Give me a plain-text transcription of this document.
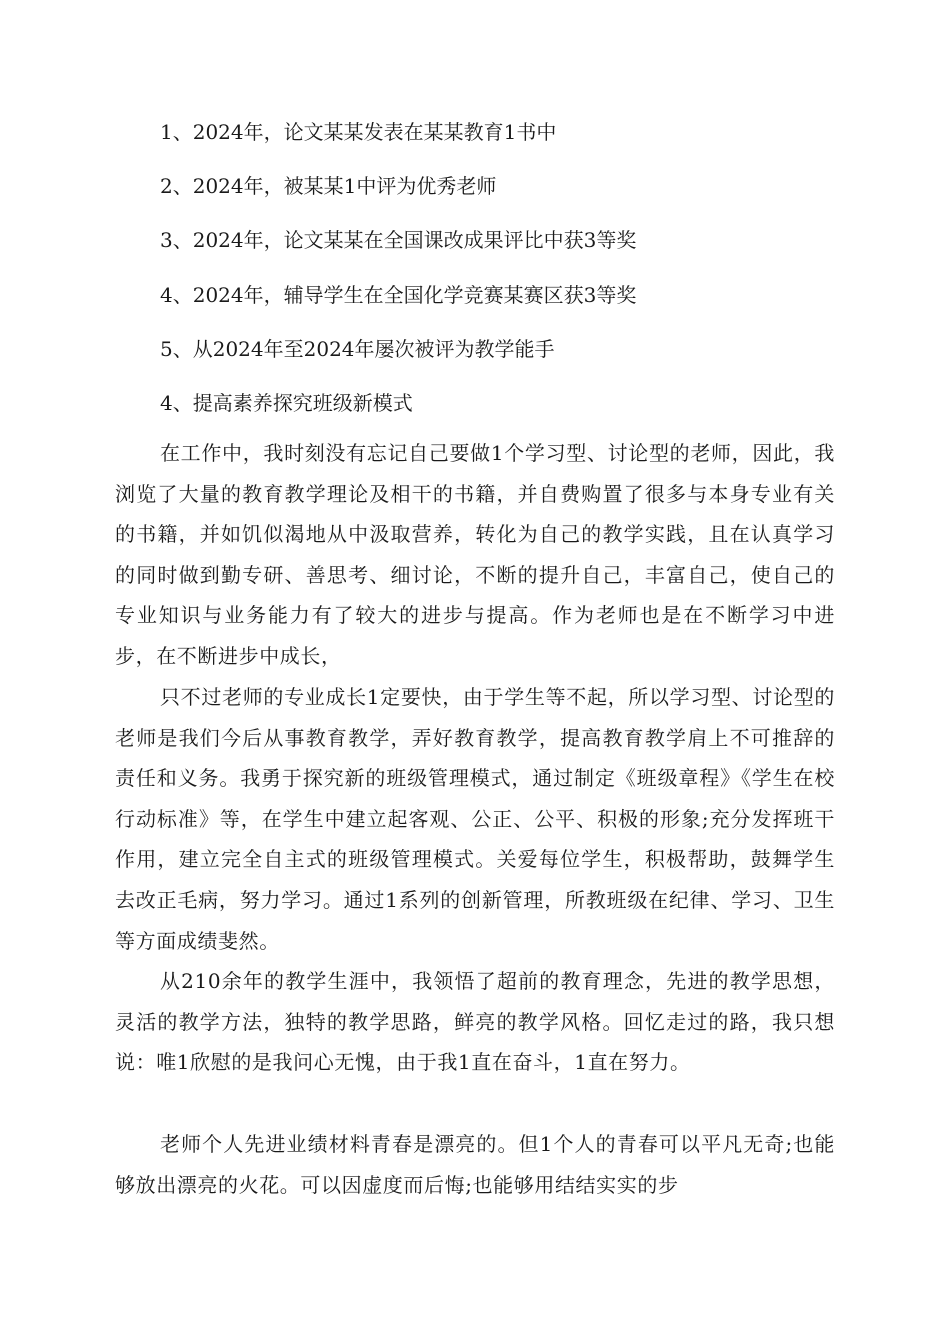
1、2024年，论文某某发表在某某教育1书中
2、2024年，被某某1中评为优秀老师
3、2024年，论文某某在全国课改成果评比中获3等奖
4、2024年，辅导学生在全国化学竞赛某赛区获3等奖
5、从2024年至2024年屡次被评为教学能手
4、提高素养探究班级新模式
在工作中，我时刻没有忘记自己要做1个学习型、讨论型的老师，因此，我浏览了大量的教育教学理论及相干的书籍，并自费购置了很多与本身专业有关的书籍，并如饥似渴地从中汲取营养，转化为自己的教学实践，且在认真学习的同时做到勤专研、善思考、细讨论，不断的提升自己，丰富自己，使自己的专业知识与业务能力有了较大的进步与提高。作为老师也是在不断学习中进步，在不断进步中成长，
只不过老师的专业成长1定要快，由于学生等不起，所以学习型、讨论型的老师是我们今后从事教育教学，弄好教育教学，提高教育教学肩上不可推辞的责任和义务。我勇于探究新的班级管理模式，通过制定《班级章程》《学生在校行动标准》等，在学生中建立起客观、公正、公平、积极的形象;充分发挥班干作用，建立完全自主式的班级管理模式。关爱每位学生，积极帮助，鼓舞学生去改正毛病，努力学习。通过1系列的创新管理，所教班级在纪律、学习、卫生等方面成绩斐然。
从210余年的教学生涯中，我领悟了超前的教育理念，先进的教学思想，灵活的教学方法，独特的教学思路，鲜亮的教学风格。回忆走过的路，我只想说：唯1欣慰的是我问心无愧，由于我1直在奋斗，1直在努力。
老师个人先进业绩材料青春是漂亮的。但1个人的青春可以平凡无奇;也能够放出漂亮的火花。可以因虚度而后悔;也能够用结结实实的步
